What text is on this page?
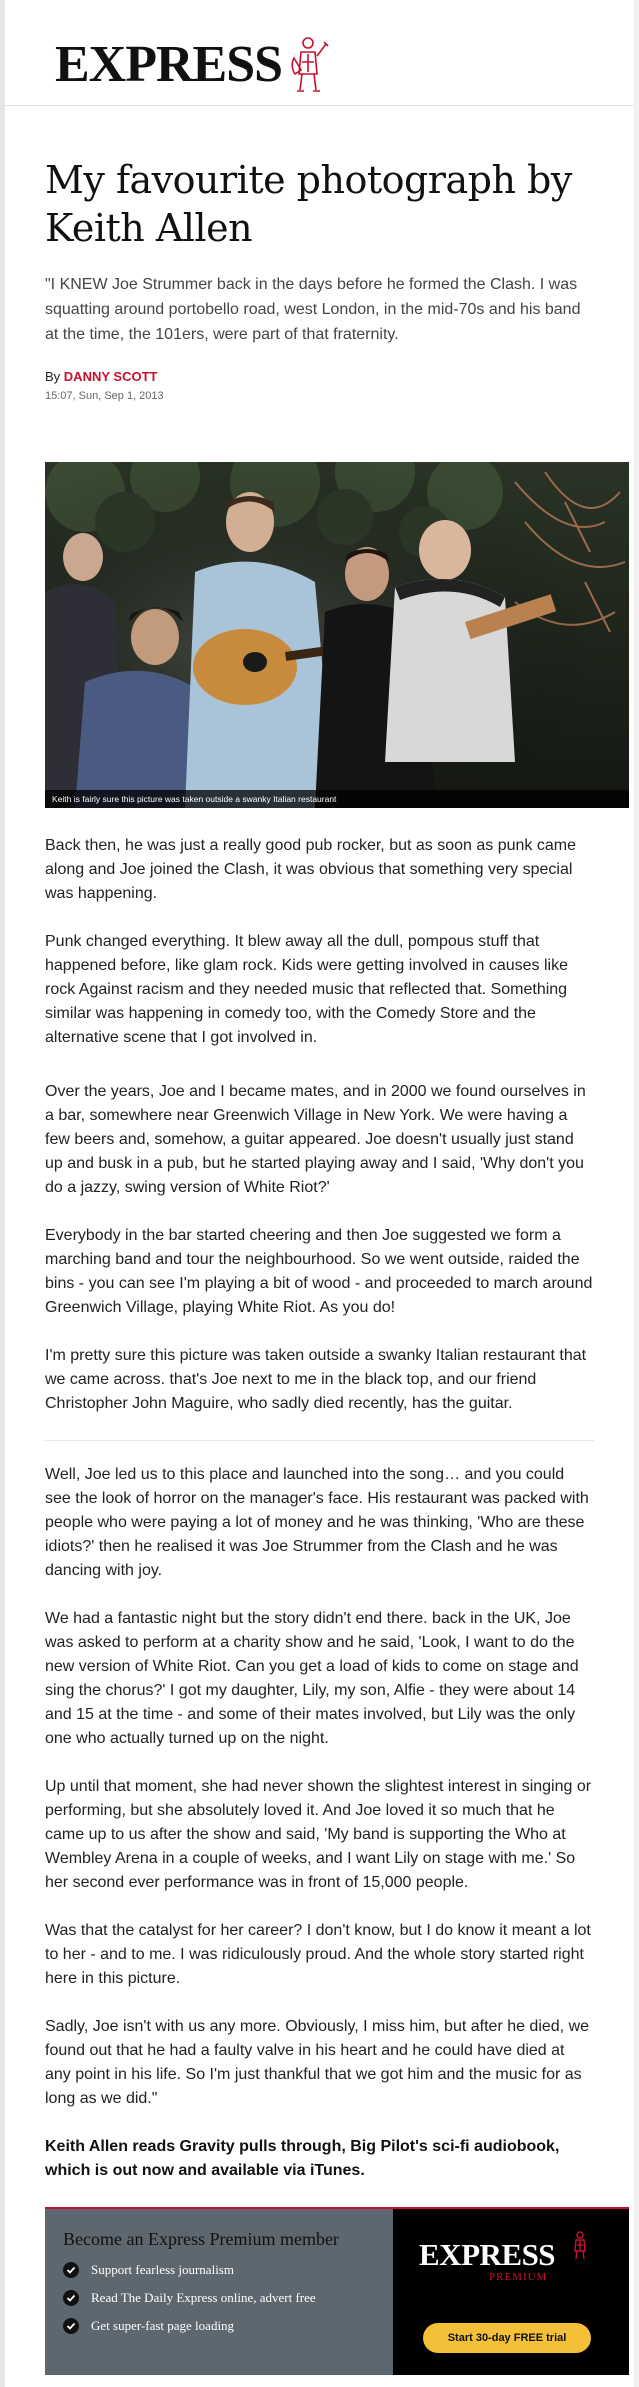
EXPRESS
My favourite photograph by Keith Allen

"I KNEW Joe Strummer back in the days before he formed the Clash. I was squatting around portobello road, west London, in the mid-70s and his band at the time, the 101ers, were part of that fraternity.

By DANNY SCOTT
15:07, Sun, Sep 1, 2013
Keith is fairly sure this picture was taken outside a swanky Italian restaurant

Back then, he was just a really good pub rocker, but as soon as punk came along and Joe joined the Clash, it was obvious that something very special was happening.

Punk changed everything. It blew away all the dull, pompous stuff that happened before, like glam rock. Kids were getting involved in causes like rock Against racism and they needed music that reflected that. Something similar was happening in comedy too, with the Comedy Store and the alternative scene that I got involved in.

Over the years, Joe and I became mates, and in 2000 we found ourselves in a bar, somewhere near Greenwich Village in New York. We were having a few beers and, somehow, a guitar appeared. Joe doesn't usually just stand up and busk in a pub, but he started playing away and I said, 'Why don't you do a jazzy, swing version of White Riot?'

Everybody in the bar started cheering and then Joe suggested we form a marching band and tour the neighbourhood. So we went outside, raided the bins - you can see I'm playing a bit of wood - and proceeded to march around Greenwich Village, playing White Riot. As you do!

I'm pretty sure this picture was taken outside a swanky Italian restaurant that we came across. that's Joe next to me in the black top, and our friend Christopher John Maguire, who sadly died recently, has the guitar.

Well, Joe led us to this place and launched into the song… and you could see the look of horror on the manager's face. His restaurant was packed with people who were paying a lot of money and he was thinking, 'Who are these idiots?' then he realised it was Joe Strummer from the Clash and he was dancing with joy.

We had a fantastic night but the story didn't end there. back in the UK, Joe was asked to perform at a charity show and he said, 'Look, I want to do the new version of White Riot. Can you get a load of kids to come on stage and sing the chorus?' I got my daughter, Lily, my son, Alfie - they were about 14 and 15 at the time - and some of their mates involved, but Lily was the only one who actually turned up on the night.

Up until that moment, she had never shown the slightest interest in singing or performing, but she absolutely loved it. And Joe loved it so much that he came up to us after the show and said, 'My band is supporting the Who at Wembley Arena in a couple of weeks, and I want Lily on stage with me.' So her second ever performance was in front of 15,000 people.

Was that the catalyst for her career? I don't know, but I do know it meant a lot to her - and to me. I was ridiculously proud. And the whole story started right here in this picture.

Sadly, Joe isn't with us any more. Obviously, I miss him, but after he died, we found out that he had a faulty valve in his heart and he could have died at any point in his life. So I'm just thankful that we got him and the music for as long as we did."

Keith Allen reads Gravity pulls through, Big Pilot's sci-fi audiobook, which is out now and available via iTunes.

Become an Express Premium member
Support fearless journalism
Read The Daily Express online, advert free
Get super-fast page loading
EXPRESS
PREMIUM
Start 30-day FREE trial
